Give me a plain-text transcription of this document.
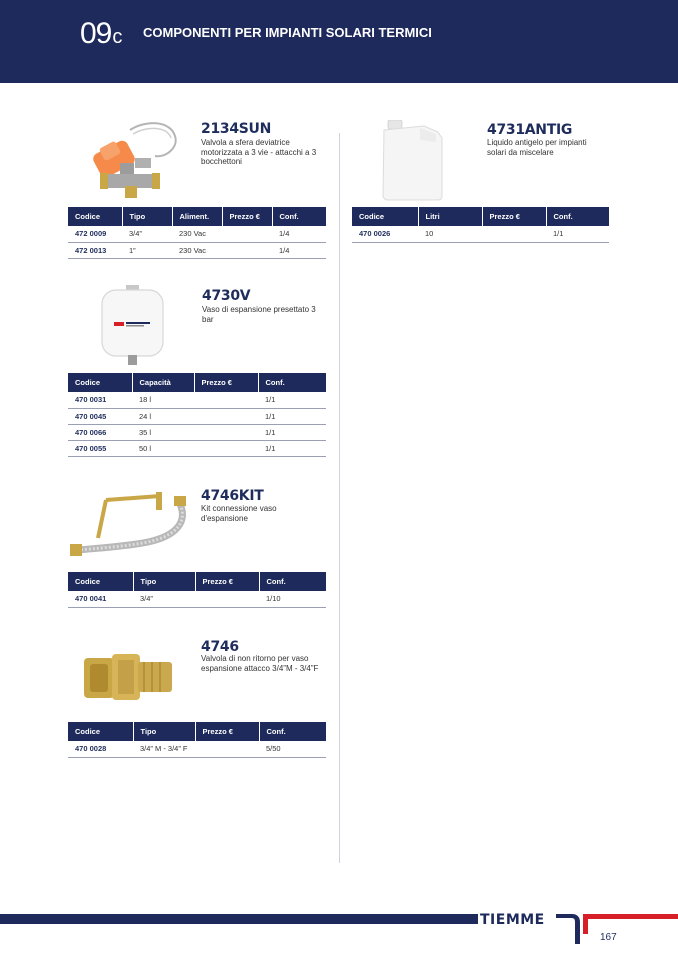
09c COMPONENTI PER IMPIANTI SOLARI TERMICI
2134SUN
Valvola a sfera deviatrice motorizzata a 3 vie - attacchi a 3 bocchettoni
Codice	Tipo	Aliment.	Prezzo €	Conf.
472 0009	3/4”	230 Vac		1/4
472 0013	1”	230 Vac		1/4
4730V
Vaso di espansione presettato 3 bar
Codice	Capacità	Prezzo €	Conf.
470 0031	18 l		1/1
470 0045	24 l		1/1
470 0066	35 l		1/1
470 0055	50 l		1/1
4746KIT
Kit connessione vaso d'espansione
Codice	Tipo	Prezzo €	Conf.
470 0041	3/4”		1/10
4746
Valvola di non ritorno per vaso espansione attacco 3/4”M - 3/4”F
Codice	Tipo	Prezzo €	Conf.
470 0028	3/4” M - 3/4” F		5/50
4731ANTIG
Liquido antigelo per impianti solari da miscelare
Codice	Litri	Prezzo €	Conf.
470 0026	10		1/1
TIEMME
167
